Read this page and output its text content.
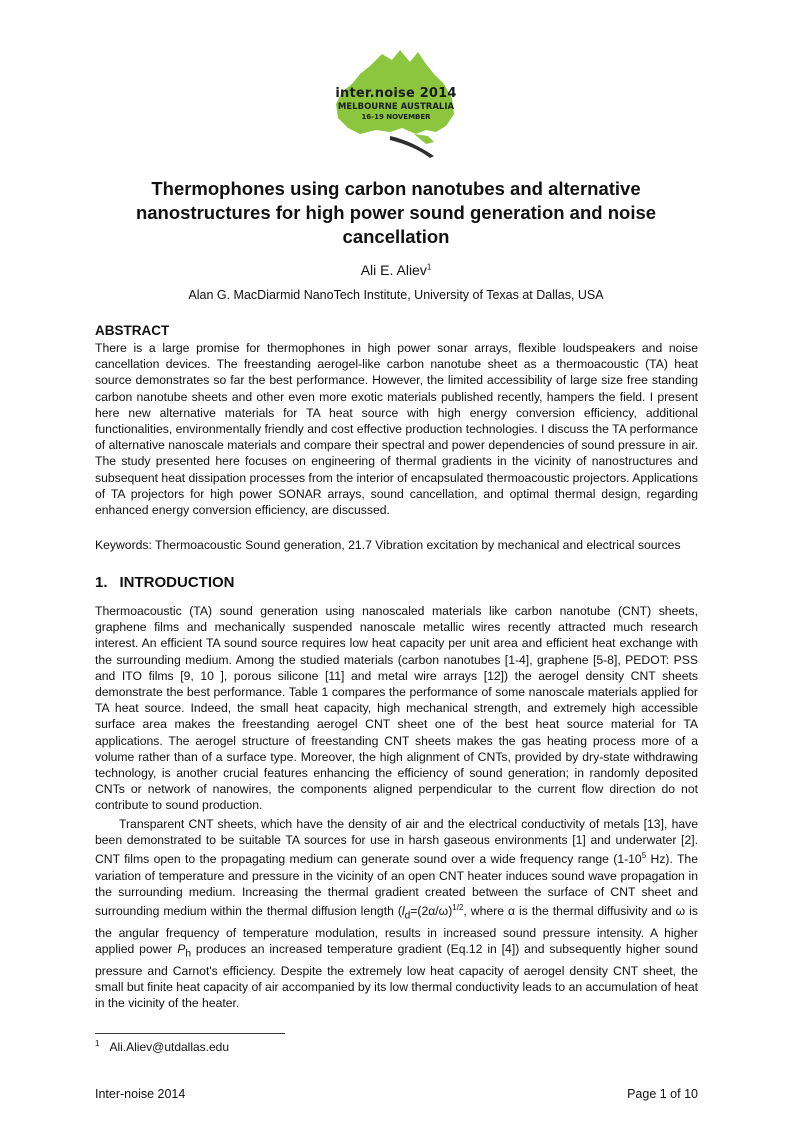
inter.noise 2014
MELBOURNE AUSTRALIA
16-19 NOVEMBER
Thermophones using carbon nanotubes and alternative nanostructures for high power sound generation and noise cancellation
Ali E. Aliev$^1$
Alan G. MacDiarmid NanoTech Institute, University of Texas at Dallas, USA
ABSTRACT
There is a large promise for thermophones in high power sonar arrays, flexible loudspeakers and noise cancellation devices. The freestanding aerogel-like carbon nanotube sheet as a thermoacoustic (TA) heat source demonstrates so far the best performance. However, the limited accessibility of large size free standing carbon nanotube sheets and other even more exotic materials published recently, hampers the field. I present here new alternative materials for TA heat source with high energy conversion efficiency, additional functionalities, environmentally friendly and cost effective production technologies. I discuss the TA performance of alternative nanoscale materials and compare their spectral and power dependencies of sound pressure in air. The study presented here focuses on engineering of thermal gradients in the vicinity of nanostructures and subsequent heat dissipation processes from the interior of encapsulated thermoacoustic projectors. Applications of TA projectors for high power SONAR arrays, sound cancellation, and optimal thermal design, regarding enhanced energy conversion efficiency, are discussed.
Keywords: Thermoacoustic Sound generation, 21.7 Vibration excitation by mechanical and electrical sources
1. INTRODUCTION
Thermoacoustic (TA) sound generation using nanoscaled materials like carbon nanotube (CNT) sheets, graphene films and mechanically suspended nanoscale metallic wires recently attracted much research interest. An efficient TA sound source requires low heat capacity per unit area and efficient heat exchange with the surrounding medium. Among the studied materials (carbon nanotubes [1-4], graphene [5-8], PEDOT: PSS and ITO films [9, 10 ], porous silicone [11] and metal wire arrays [12]) the aerogel density CNT sheets demonstrate the best performance. Table 1 compares the performance of some nanoscale materials applied for TA heat source. Indeed, the small heat capacity, high mechanical strength, and extremely high accessible surface area makes the freestanding aerogel CNT sheet one of the best heat source material for TA applications. The aerogel structure of freestanding CNT sheets makes the gas heating process more of a volume rather than of a surface type. Moreover, the high alignment of CNTs, provided by dry-state withdrawing technology, is another crucial features enhancing the efficiency of sound generation; in randomly deposited CNTs or network of nanowires, the components aligned perpendicular to the current flow direction do not contribute to sound production.
Transparent CNT sheets, which have the density of air and the electrical conductivity of metals [13], have been demonstrated to be suitable TA sources for use in harsh gaseous environments [1] and underwater [2]. CNT films open to the propagating medium can generate sound over a wide frequency range ($1-10^5$ Hz). The variation of temperature and pressure in the vicinity of an open CNT heater induces sound wave propagation in the surrounding medium. Increasing the thermal gradient created between the surface of CNT sheet and surrounding medium within the thermal diffusion length ($l_d=(2\alpha/\omega)^{1/2}$, where α is the thermal diffusivity and ω is the angular frequency of temperature modulation, results in increased sound pressure intensity. A higher applied power $P_h$ produces an increased temperature gradient (Eq.12 in [4]) and subsequently higher sound pressure and Carnot's efficiency. Despite the extremely low heat capacity of aerogel density CNT sheet, the small but finite heat capacity of air accompanied by its low thermal conductivity leads to an accumulation of heat in the vicinity of the heater.
$^1$ Ali.Aliev@utdallas.edu
Inter-noise 2014	Page 1 of 10
